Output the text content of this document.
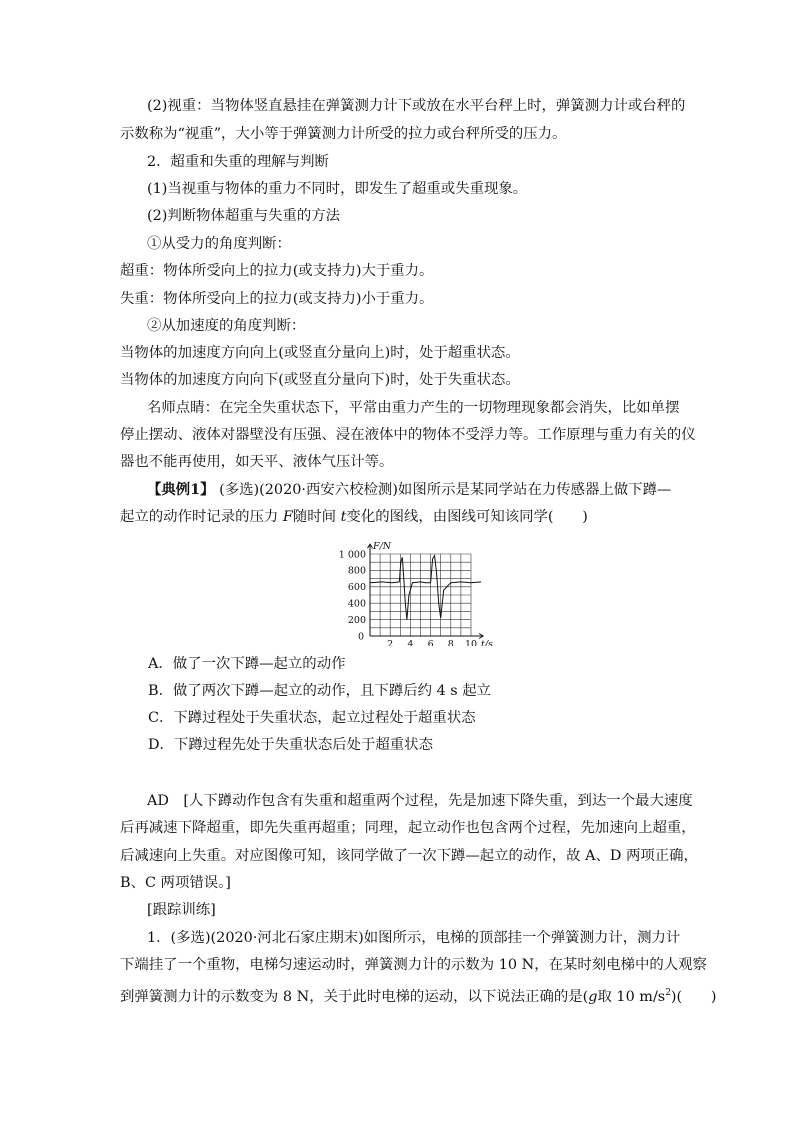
(2)视重：当物体竖直悬挂在弹簧测力计下或放在水平台秤上时，弹簧测力计或台秤的
示数称为“视重”，大小等于弹簧测力计所受的拉力或台秤所受的压力。
2．超重和失重的理解与判断
(1)当视重与物体的重力不同时，即发生了超重或失重现象。
(2)判断物体超重与失重的方法
①从受力的角度判断：
超重：物体所受向上的拉力(或支持力)大于重力。
失重：物体所受向上的拉力(或支持力)小于重力。
②从加速度的角度判断：
当物体的加速度方向向上(或竖直分量向上)时，处于超重状态。
当物体的加速度方向向下(或竖直分量向下)时，处于失重状态。
名师点睛：在完全失重状态下，平常由重力产生的一切物理现象都会消失，比如单摆
停止摆动、液体对器壁没有压强、浸在液体中的物体不受浮力等。工作原理与重力有关的仪
器也不能再使用，如天平、液体气压计等。
【典例1】 (多选)(2020·西安六校检测)如图所示是某同学站在力传感器上做下蹲—
起立的动作时记录的压力 F随时间 t变化的图线，由图线可知该同学(　　)
200
400
600
800
1 000
0
2 4 6 8 10
F/N
t/s
A．做了一次下蹲—起立的动作
B．做了两次下蹲—起立的动作，且下蹲后约 4 s 起立
C．下蹲过程处于失重状态，起立过程处于超重状态
D．下蹲过程先处于失重状态后处于超重状态
AD　[人下蹲动作包含有失重和超重两个过程，先是加速下降失重，到达一个最大速度
后再减速下降超重，即先失重再超重；同理，起立动作也包含两个过程，先加速向上超重，
后减速向上失重。对应图像可知，该同学做了一次下蹲—起立的动作，故 A、D 两项正确，
B、C 两项错误。]
[跟踪训练]
1．(多选)(2020·河北石家庄期末)如图所示，电梯的顶部挂一个弹簧测力计，测力计
下端挂了一个重物，电梯匀速运动时，弹簧测力计的示数为 10 N，在某时刻电梯中的人观察
到弹簧测力计的示数变为 8 N，关于此时电梯的运动，以下说法正确的是(g取 10 $m/s^2$)(　　)
